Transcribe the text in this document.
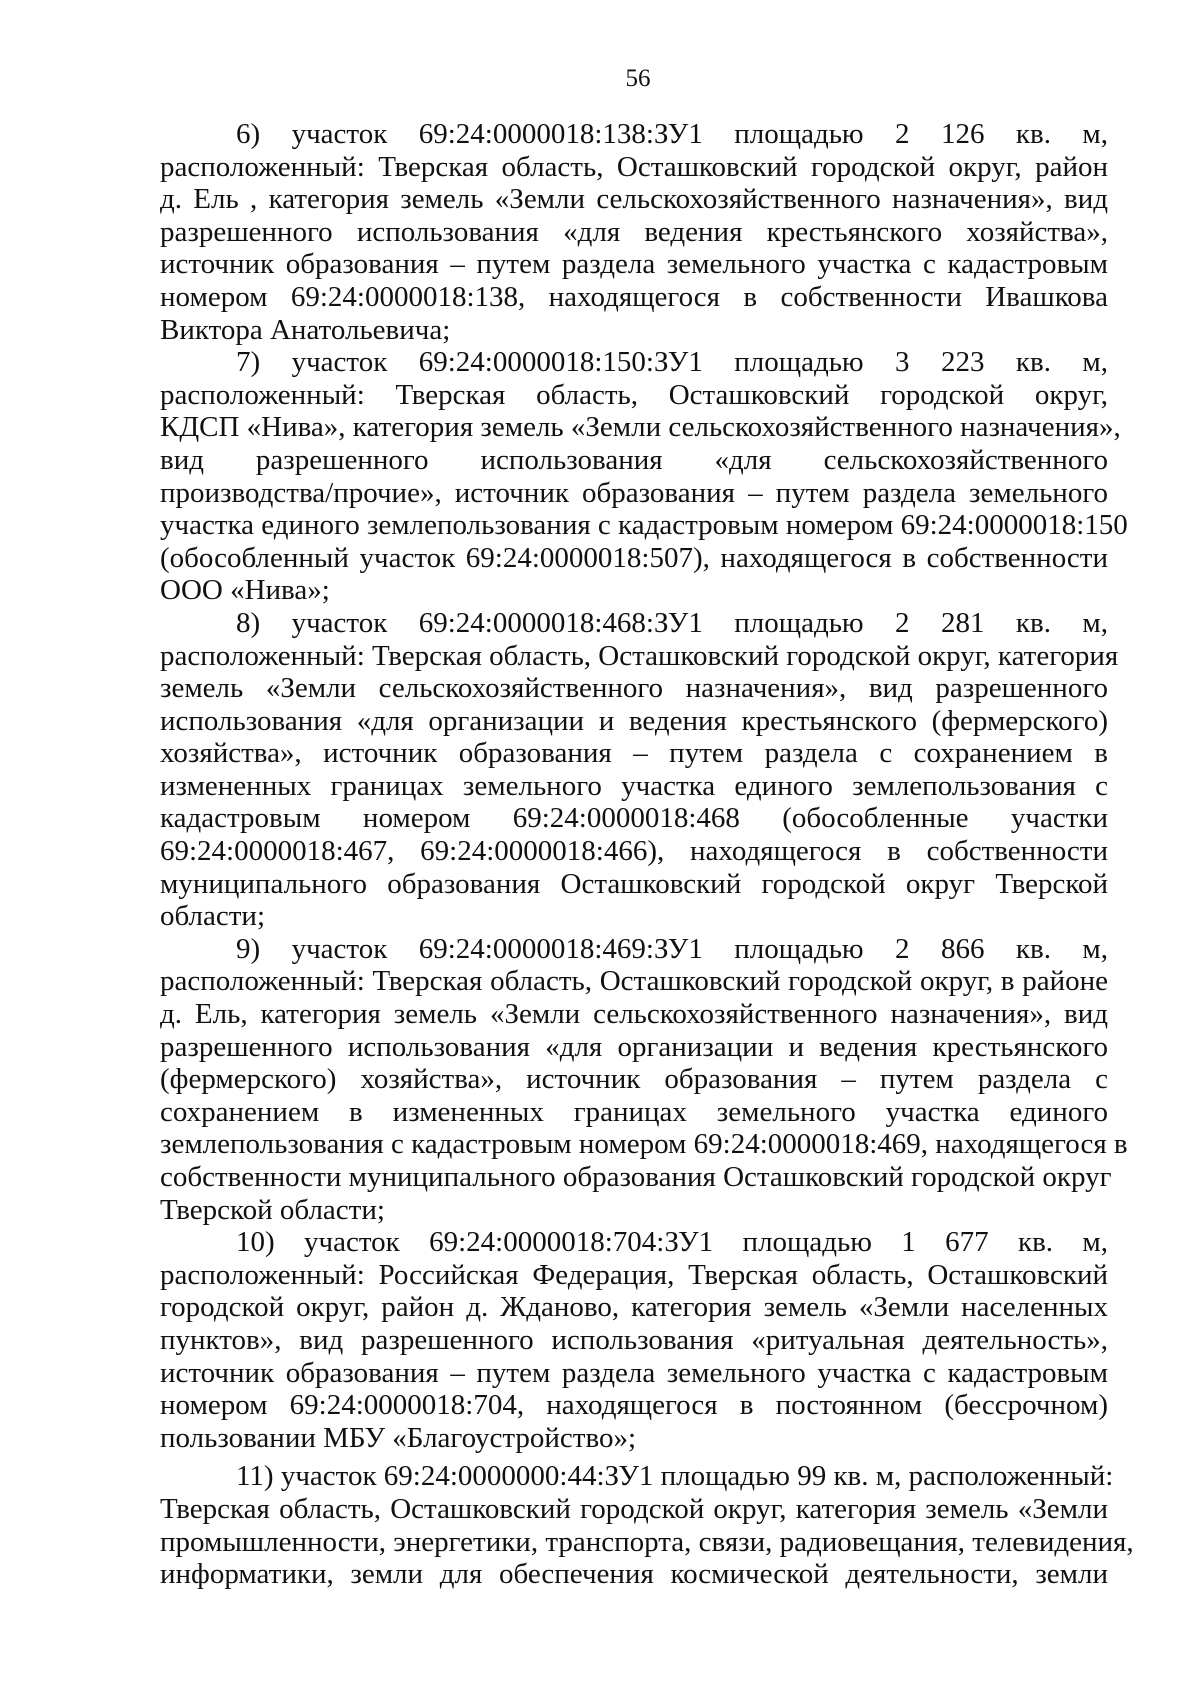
56

6) участок 69:24:0000018:138:ЗУ1 площадью 2 126 кв. м,
расположенный: Тверская область, Осташковский городской округ, район
д. Ель , категория земель «Земли сельскохозяйственного назначения», вид
разрешенного использования «для ведения крестьянского хозяйства»,
источник образования – путем раздела земельного участка с кадастровым
номером 69:24:0000018:138, находящегося в собственности Ивашкова
Виктора Анатольевича;

7) участок 69:24:0000018:150:ЗУ1 площадью 3 223 кв. м,
расположенный: Тверская область, Осташковский городской округ,
КДСП «Нива», категория земель «Земли сельскохозяйственного назначения»,
вид разрешенного использования «для сельскохозяйственного
производства/прочие», источник образования – путем раздела земельного
участка единого землепользования с кадастровым номером 69:24:0000018:150
(обособленный участок 69:24:0000018:507), находящегося в собственности
ООО «Нива»;

8) участок 69:24:0000018:468:ЗУ1 площадью 2 281 кв. м,
расположенный: Тверская область, Осташковский городской округ, категория
земель «Земли сельскохозяйственного назначения», вид разрешенного
использования «для организации и ведения крестьянского (фермерского)
хозяйства», источник образования – путем раздела с сохранением в
измененных границах земельного участка единого землепользования с
кадастровым номером 69:24:0000018:468 (обособленные участки
69:24:0000018:467, 69:24:0000018:466), находящегося в собственности
муниципального образования Осташковский городской округ Тверской
области;

9) участок 69:24:0000018:469:ЗУ1 площадью 2 866 кв. м,
расположенный: Тверская область, Осташковский городской округ, в районе
д. Ель, категория земель «Земли сельскохозяйственного назначения», вид
разрешенного использования «для организации и ведения крестьянского
(фермерского) хозяйства», источник образования – путем раздела с
сохранением в измененных границах земельного участка единого
землепользования с кадастровым номером 69:24:0000018:469, находящегося в
собственности муниципального образования Осташковский городской округ
Тверской области;

10) участок 69:24:0000018:704:ЗУ1 площадью 1 677 кв. м,
расположенный: Российская Федерация, Тверская область, Осташковский
городской округ, район д. Жданово, категория земель «Земли населенных
пунктов», вид разрешенного использования «ритуальная деятельность»,
источник образования – путем раздела земельного участка с кадастровым
номером 69:24:0000018:704, находящегося в постоянном (бессрочном)
пользовании МБУ «Благоустройство»;

11) участок 69:24:0000000:44:ЗУ1 площадью 99 кв. м, расположенный:
Тверская область, Осташковский городской округ, категория земель «Земли
промышленности, энергетики, транспорта, связи, радиовещания, телевидения,
информатики, земли для обеспечения космической деятельности, земли
